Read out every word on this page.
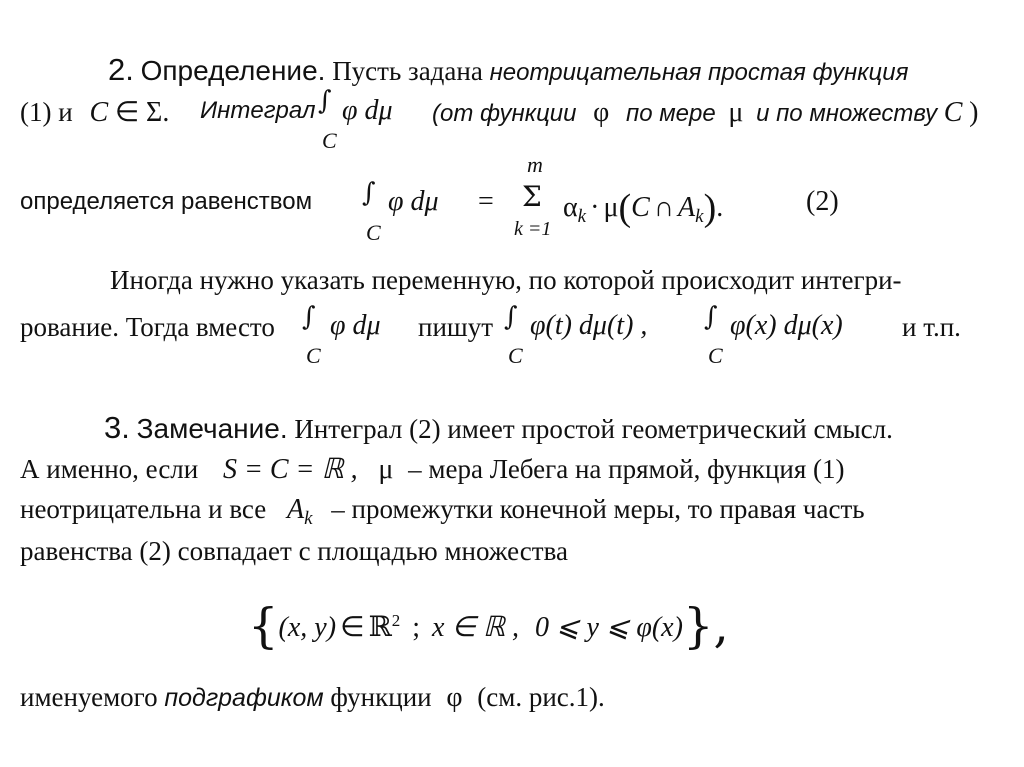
2. Определение. Пусть задана неотрицательная простая функция
(1) и C ∈ Σ. Интеграл ∫
C
φ dμ (от функции φ по мере μ и по множеству C )
определяется равенством ∫
C
φ dμ =
m
Σ
k =1
αk · μ(C ∩ Ak).	(2)
Иногда нужно указать переменную, по которой происходит интегри-
рование. Тогда вместо ∫
C
φ dμ пишут ∫
C
φ(t) dμ(t) , ∫
C
φ(x) dμ(x) и т.п.
3. Замечание. Интеграл (2) имеет простой геометрический смысл.
А именно, если S = C = ℝ , μ – мера Лебега на прямой, функция (1)
неотрицательна и все $A_k$ – промежутки конечной меры, то правая часть
равенства (2) совпадает с площадью множества
{(x, y) ∈ ℝ2 ; x ∈ ℝ , 0 ⩽ y ⩽ φ(x)},
именуемого подграфиком функции φ (см. рис.1).
